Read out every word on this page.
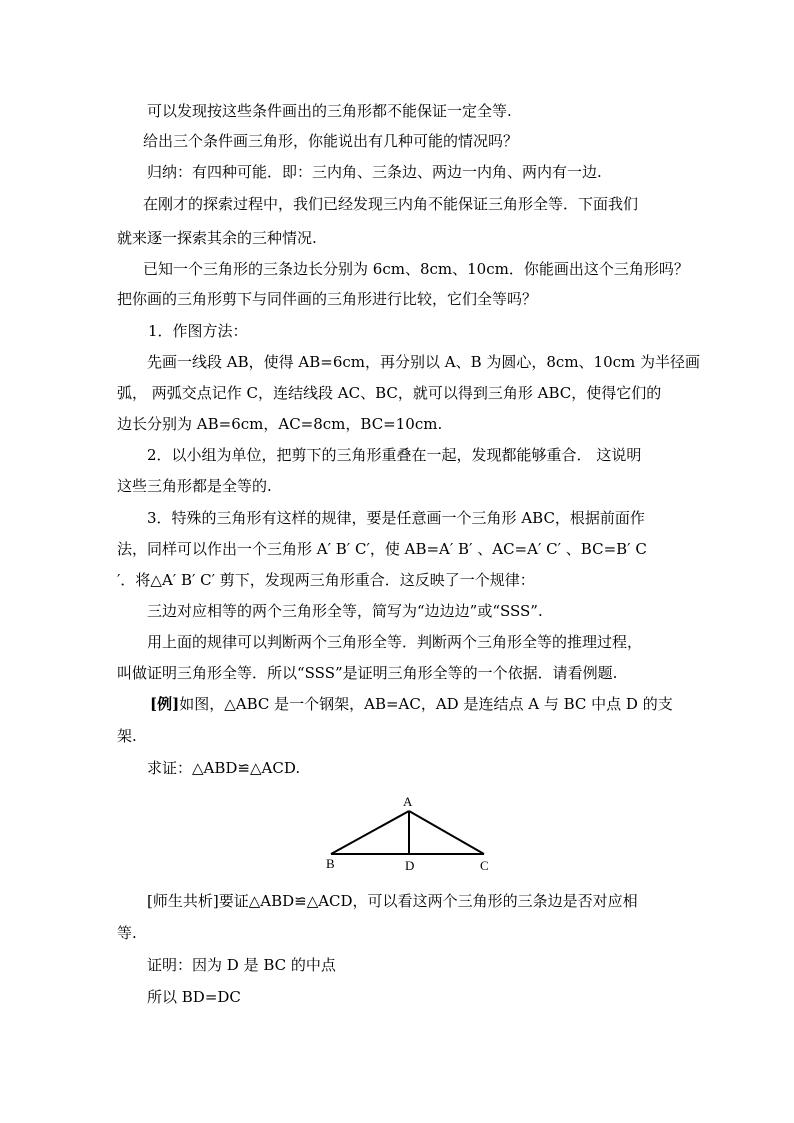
可以发现按这些条件画出的三角形都不能保证一定全等.
给出三个条件画三角形，你能说出有几种可能的情况吗？
归纳：有四种可能．即：三内角、三条边、两边一内角、两内有一边.
在刚才的探索过程中，我们已经发现三内角不能保证三角形全等．下面我们
就来逐一探索其余的三种情况.
已知一个三角形的三条边长分别为 6cm、8cm、10cm．你能画出这个三角形吗？
把你画的三角形剪下与同伴画的三角形进行比较，它们全等吗？
1．作图方法：
先画一线段 AB，使得 AB=6cm，再分别以 A、B 为圆心，8cm、10cm 为半径画
弧， 两弧交点记作 C，连结线段 AC、BC，就可以得到三角形 ABC，使得它们的
边长分别为 AB=6cm，AC=8cm，BC=10cm.
2．以小组为单位，把剪下的三角形重叠在一起，发现都能够重合． 这说明
这些三角形都是全等的.
3．特殊的三角形有这样的规律，要是任意画一个三角形 ABC，根据前面作
法，同样可以作出一个三角形 A′ B′ C′，使 AB=A′ B′ 、AC=A′ C′ 、BC=B′ C
′．将△A′ B′ C′ 剪下，发现两三角形重合．这反映了一个规律：
三边对应相等的两个三角形全等，简写为“边边边”或“SSS”.
用上面的规律可以判断两个三角形全等．判断两个三角形全等的推理过程，
叫做证明三角形全等．所以“SSS”是证明三角形全等的一个依据．请看例题.
[例]如图，△ABC 是一个钢架，AB=AC，AD 是连结点 A 与 BC 中点 D 的支
架.
求证：△ABD≌△ACD.
A
B	D	C
[师生共析]要证△ABD≌△ACD，可以看这两个三角形的三条边是否对应相
等.
证明：因为 D 是 BC 的中点
所以 BD=DC
